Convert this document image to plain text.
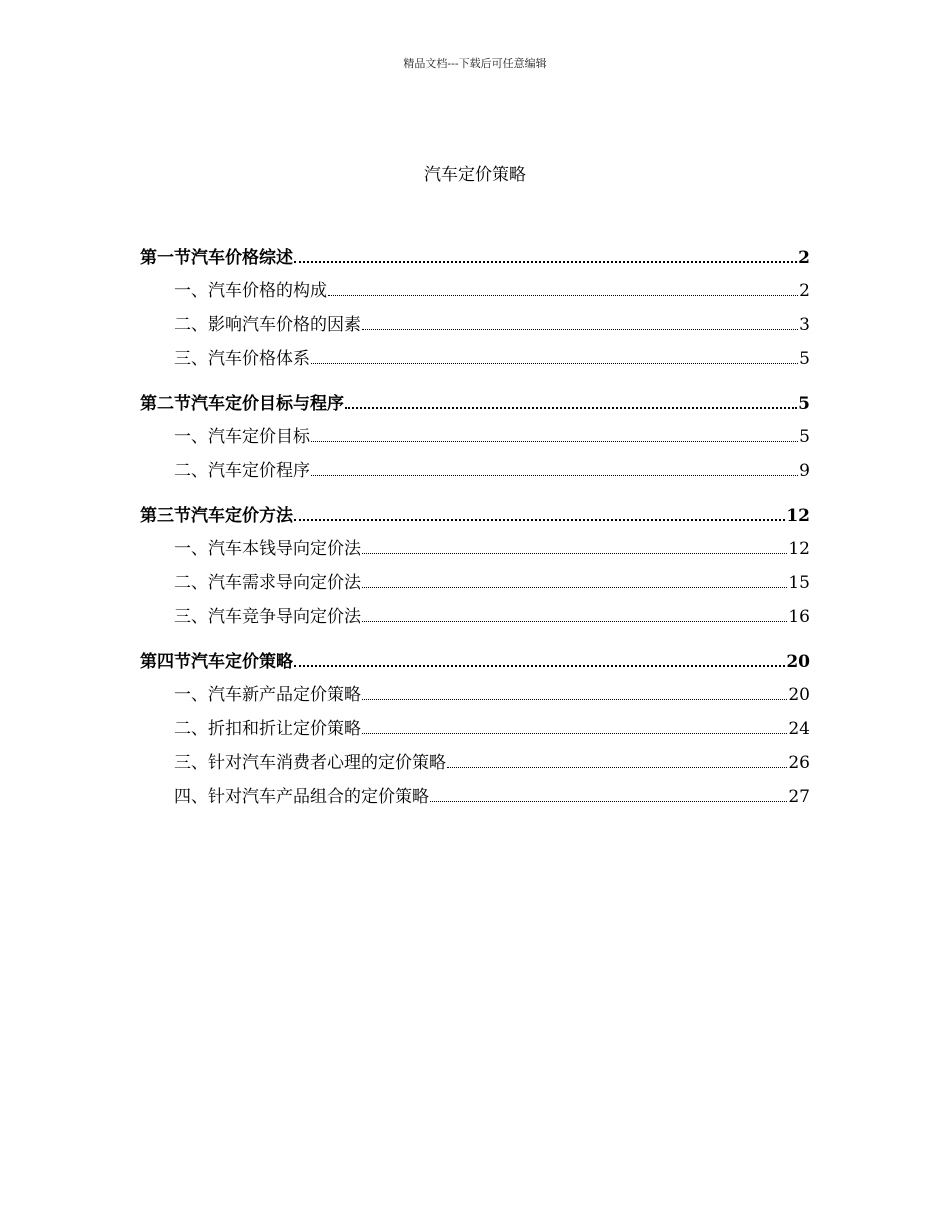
精品文档---下载后可任意编辑
汽车定价策略
第一节汽车价格综述	2
一、汽车价格的构成	2
二、影响汽车价格的因素	3
三、汽车价格体系	5
第二节汽车定价目标与程序	5
一、汽车定价目标	5
二、汽车定价程序	9
第三节汽车定价方法	12
一、汽车本钱导向定价法	12
二、汽车需求导向定价法	15
三、汽车竞争导向定价法	16
第四节汽车定价策略	20
一、汽车新产品定价策略	20
二、折扣和折让定价策略	24
三、针对汽车消费者心理的定价策略	26
四、针对汽车产品组合的定价策略	27
